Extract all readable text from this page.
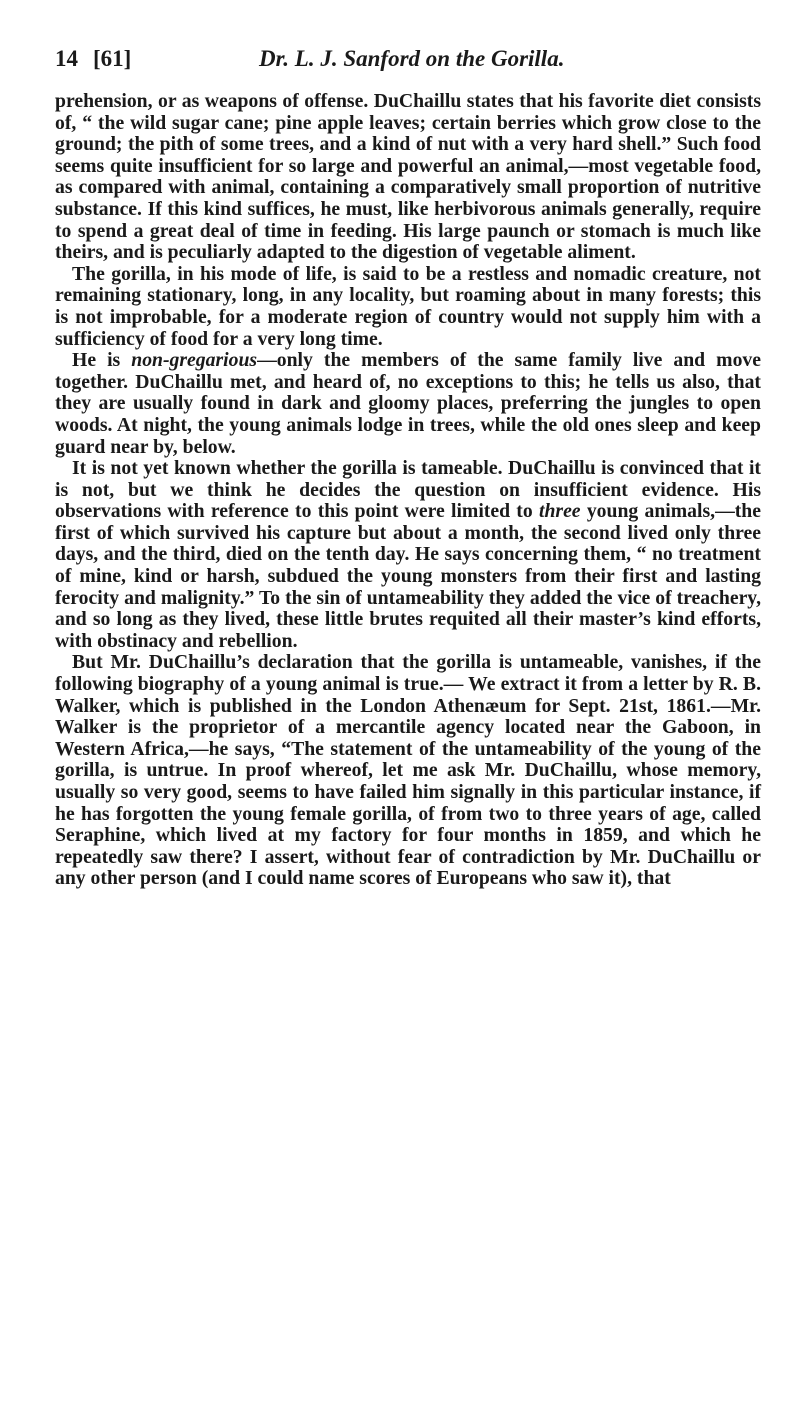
14 [61]	Dr. L. J. Sanford on the Gorilla.

prehension, or as weapons of offense. DuChaillu states that his favorite diet consists of, “ the wild sugar cane; pine apple leaves; certain berries which grow close to the ground; the pith of some trees, and a kind of nut with a very hard shell.” Such food seems quite insufficient for so large and powerful an animal,—most vegetable food, as compared with animal, containing a comparatively small proportion of nutritive substance. If this kind suffices, he must, like herbivorous animals generally, require to spend a great deal of time in feeding. His large paunch or stomach is much like theirs, and is peculiarly adapted to the digestion of vegetable aliment.

The gorilla, in his mode of life, is said to be a restless and nomadic creature, not remaining stationary, long, in any locality, but roaming about in many forests; this is not improbable, for a moderate region of country would not supply him with a sufficiency of food for a very long time.

He is non-gregarious—only the members of the same family live and move together. DuChaillu met, and heard of, no exceptions to this; he tells us also, that they are usually found in dark and gloomy places, preferring the jungles to open woods. At night, the young animals lodge in trees, while the old ones sleep and keep guard near by, below.

It is not yet known whether the gorilla is tameable. DuChaillu is convinced that it is not, but we think he decides the question on insufficient evidence. His observations with reference to this point were limited to three young animals,—the first of which survived his capture but about a month, the second lived only three days, and the third, died on the tenth day. He says concerning them, “ no treatment of mine, kind or harsh, subdued the young monsters from their first and lasting ferocity and malignity.” To the sin of untameability they added the vice of treachery, and so long as they lived, these little brutes requited all their master’s kind efforts, with obstinacy and rebellion.

But Mr. DuChaillu’s declaration that the gorilla is untameable, vanishes, if the following biography of a young animal is true.— We extract it from a letter by R. B. Walker, which is published in the London Athenæum for Sept. 21st, 1861.—Mr. Walker is the proprietor of a mercantile agency located near the Gaboon, in Western Africa,—he says, “The statement of the untameability of the young of the gorilla, is untrue. In proof whereof, let me ask Mr. DuChaillu, whose memory, usually so very good, seems to have failed him signally in this particular instance, if he has forgotten the young female gorilla, of from two to three years of age, called Seraphine, which lived at my factory for four months in 1859, and which he repeatedly saw there? I assert, without fear of contradiction by Mr. DuChaillu or any other person (and I could name scores of Europeans who saw it), that
